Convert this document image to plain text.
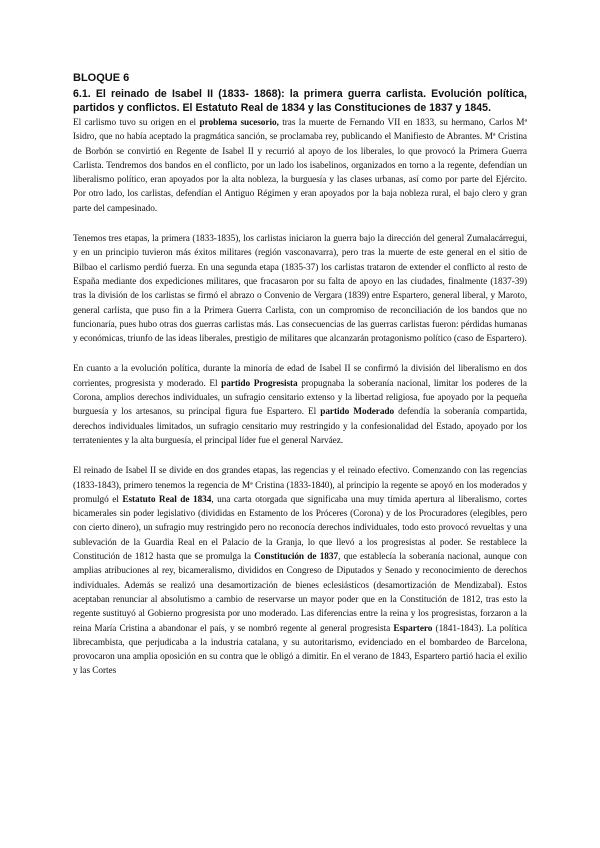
BLOQUE 6
6.1. El reinado de Isabel II (1833- 1868): la primera guerra carlista. Evolución política, partidos y conflictos. El Estatuto Real de 1834 y las Constituciones de 1837 y 1845.

El carlismo tuvo su origen en el problema sucesorio, tras la muerte de Fernando VII en 1833, su hermano, Carlos Mª Isidro, que no había aceptado la pragmática sanción, se proclamaba rey, publicando el Manifiesto de Abrantes. Mª Cristina de Borbón se convirtió en Regente de Isabel II y recurrió al apoyo de los liberales, lo que provocó la Primera Guerra Carlista. Tendremos dos bandos en el conflicto, por un lado los isabelinos, organizados en torno a la regente, defendían un liberalismo político, eran apoyados por la alta nobleza, la burguesía y las clases urbanas, así como por parte del Ejército. Por otro lado, los carlistas, defendían el Antiguo Régimen y eran apoyados por la baja nobleza rural, el bajo clero y gran parte del campesinado.

Tenemos tres etapas, la primera (1833-1835), los carlistas iniciaron la guerra bajo la dirección del general Zumalacárregui, y en un principio tuvieron más éxitos militares (región vasconavarra), pero tras la muerte de este general en el sitio de Bilbao el carlismo perdió fuerza. En una segunda etapa (1835-37) los carlistas trataron de extender el conflicto al resto de España mediante dos expediciones militares, que fracasaron por su falta de apoyo en las ciudades, finalmente (1837-39) tras la división de los carlistas se firmó el abrazo o Convenio de Vergara (1839) entre Espartero, general liberal, y Maroto, general carlista, que puso fin a la Primera Guerra Carlista, con un compromiso de reconciliación de los bandos que no funcionaría, pues hubo otras dos guerras carlistas más. Las consecuencias de las guerras carlistas fueron: pérdidas humanas y económicas, triunfo de las ideas liberales, prestigio de militares que alcanzarán protagonismo político (caso de Espartero).

En cuanto a la evolución política, durante la minoría de edad de Isabel II se confirmó la división del liberalismo en dos corrientes, progresista y moderado. El partido Progresista propugnaba la soberanía nacional, limitar los poderes de la Corona, amplios derechos individuales, un sufragio censitario extenso y la libertad religiosa, fue apoyado por la pequeña burguesía y los artesanos, su principal figura fue Espartero. El partido Moderado defendía la soberanía compartida, derechos individuales limitados, un sufragio censitario muy restringido y la confesionalidad del Estado, apoyado por los terratenientes y la alta burguesía, el principal líder fue el general Narváez.

El reinado de Isabel II se divide en dos grandes etapas, las regencias y el reinado efectivo. Comenzando con las regencias (1833-1843), primero tenemos la regencia de Mª Cristina (1833-1840), al principio la regente se apoyó en los moderados y promulgó el Estatuto Real de 1834, una carta otorgada que significaba una muy tímida apertura al liberalismo, cortes bicamerales sin poder legislativo (divididas en Estamento de los Próceres (Corona) y de los Procuradores (elegibles, pero con cierto dinero), un sufragio muy restringido pero no reconocía derechos individuales, todo esto provocó revueltas y una sublevación de la Guardia Real en el Palacio de la Granja, lo que llevó a los progresistas al poder. Se restablece la Constitución de 1812 hasta que se promulga la Constitución de 1837, que establecía la soberanía nacional, aunque con amplias atribuciones al rey, bicameralismo, divididos en Congreso de Diputados y Senado y reconocimiento de derechos individuales. Además se realizó una desamortización de bienes eclesiásticos (desamortización de Mendizabal). Estos aceptaban renunciar al absolutismo a cambio de reservarse un mayor poder que en la Constitución de 1812, tras esto la regente sustituyó al Gobierno progresista por uno moderado. Las diferencias entre la reina y los progresistas, forzaron a la reina María Cristina a abandonar el país, y se nombró regente al general progresista Espartero (1841-1843). La política librecambista, que perjudicaba a la industria catalana, y su autoritarismo, evidenciado en el bombardeo de Barcelona, provocaron una amplia oposición en su contra que le obligó a dimitir. En el verano de 1843, Espartero partió hacia el exilio y las Cortes
